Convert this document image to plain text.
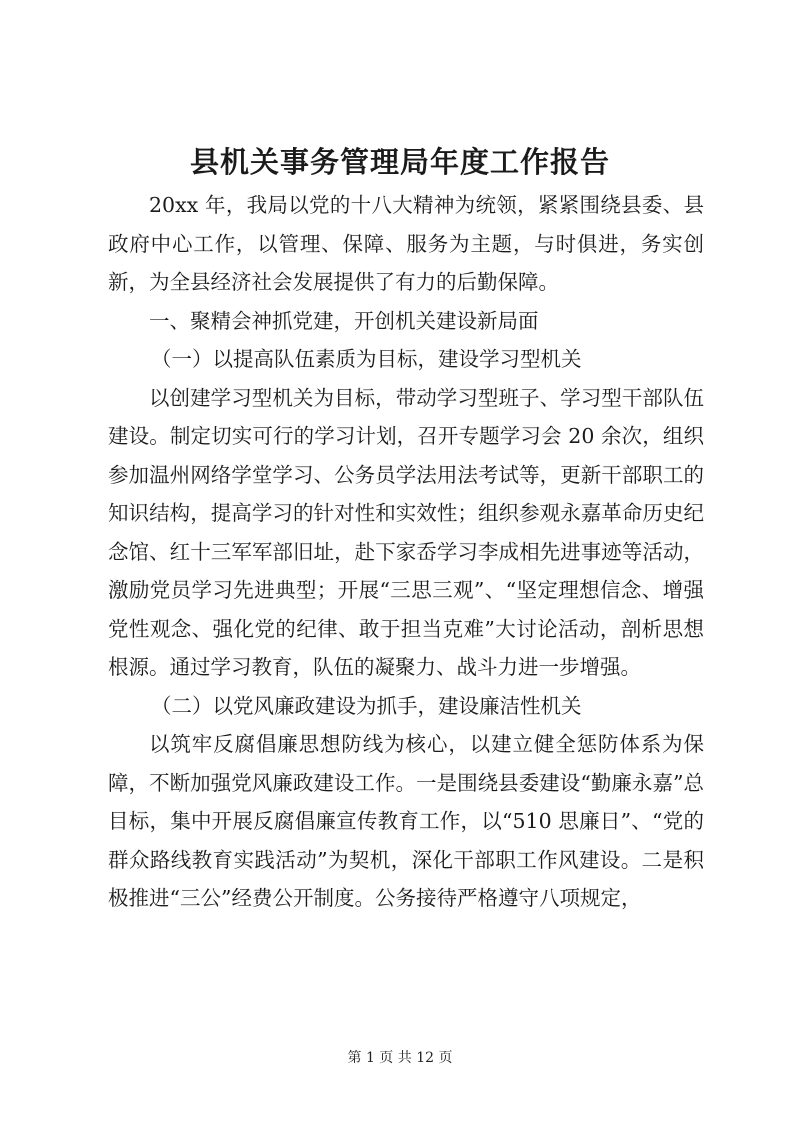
县机关事务管理局年度工作报告

20xx 年，我局以党的十八大精神为统领，紧紧围绕县委、县政府中心工作，以管理、保障、服务为主题，与时俱进，务实创新，为全县经济社会发展提供了有力的后勤保障。

一、聚精会神抓党建，开创机关建设新局面

（一）以提高队伍素质为目标，建设学习型机关

以创建学习型机关为目标，带动学习型班子、学习型干部队伍建设。制定切实可行的学习计划，召开专题学习会 20 余次，组织参加温州网络学堂学习、公务员学法用法考试等，更新干部职工的知识结构，提高学习的针对性和实效性；组织参观永嘉革命历史纪念馆、红十三军军部旧址，赴下家岙学习李成相先进事迹等活动，激励党员学习先进典型；开展“三思三观”、“坚定理想信念、增强党性观念、强化党的纪律、敢于担当克难”大讨论活动，剖析思想根源。通过学习教育，队伍的凝聚力、战斗力进一步增强。

（二）以党风廉政建设为抓手，建设廉洁性机关

以筑牢反腐倡廉思想防线为核心，以建立健全惩防体系为保障，不断加强党风廉政建设工作。一是围绕县委建设“勤廉永嘉”总目标，集中开展反腐倡廉宣传教育工作，以“510 思廉日”、“党的群众路线教育实践活动”为契机，深化干部职工作风建设。二是积极推进“三公”经费公开制度。公务接待严格遵守八项规定，

第 1 页 共 12 页
